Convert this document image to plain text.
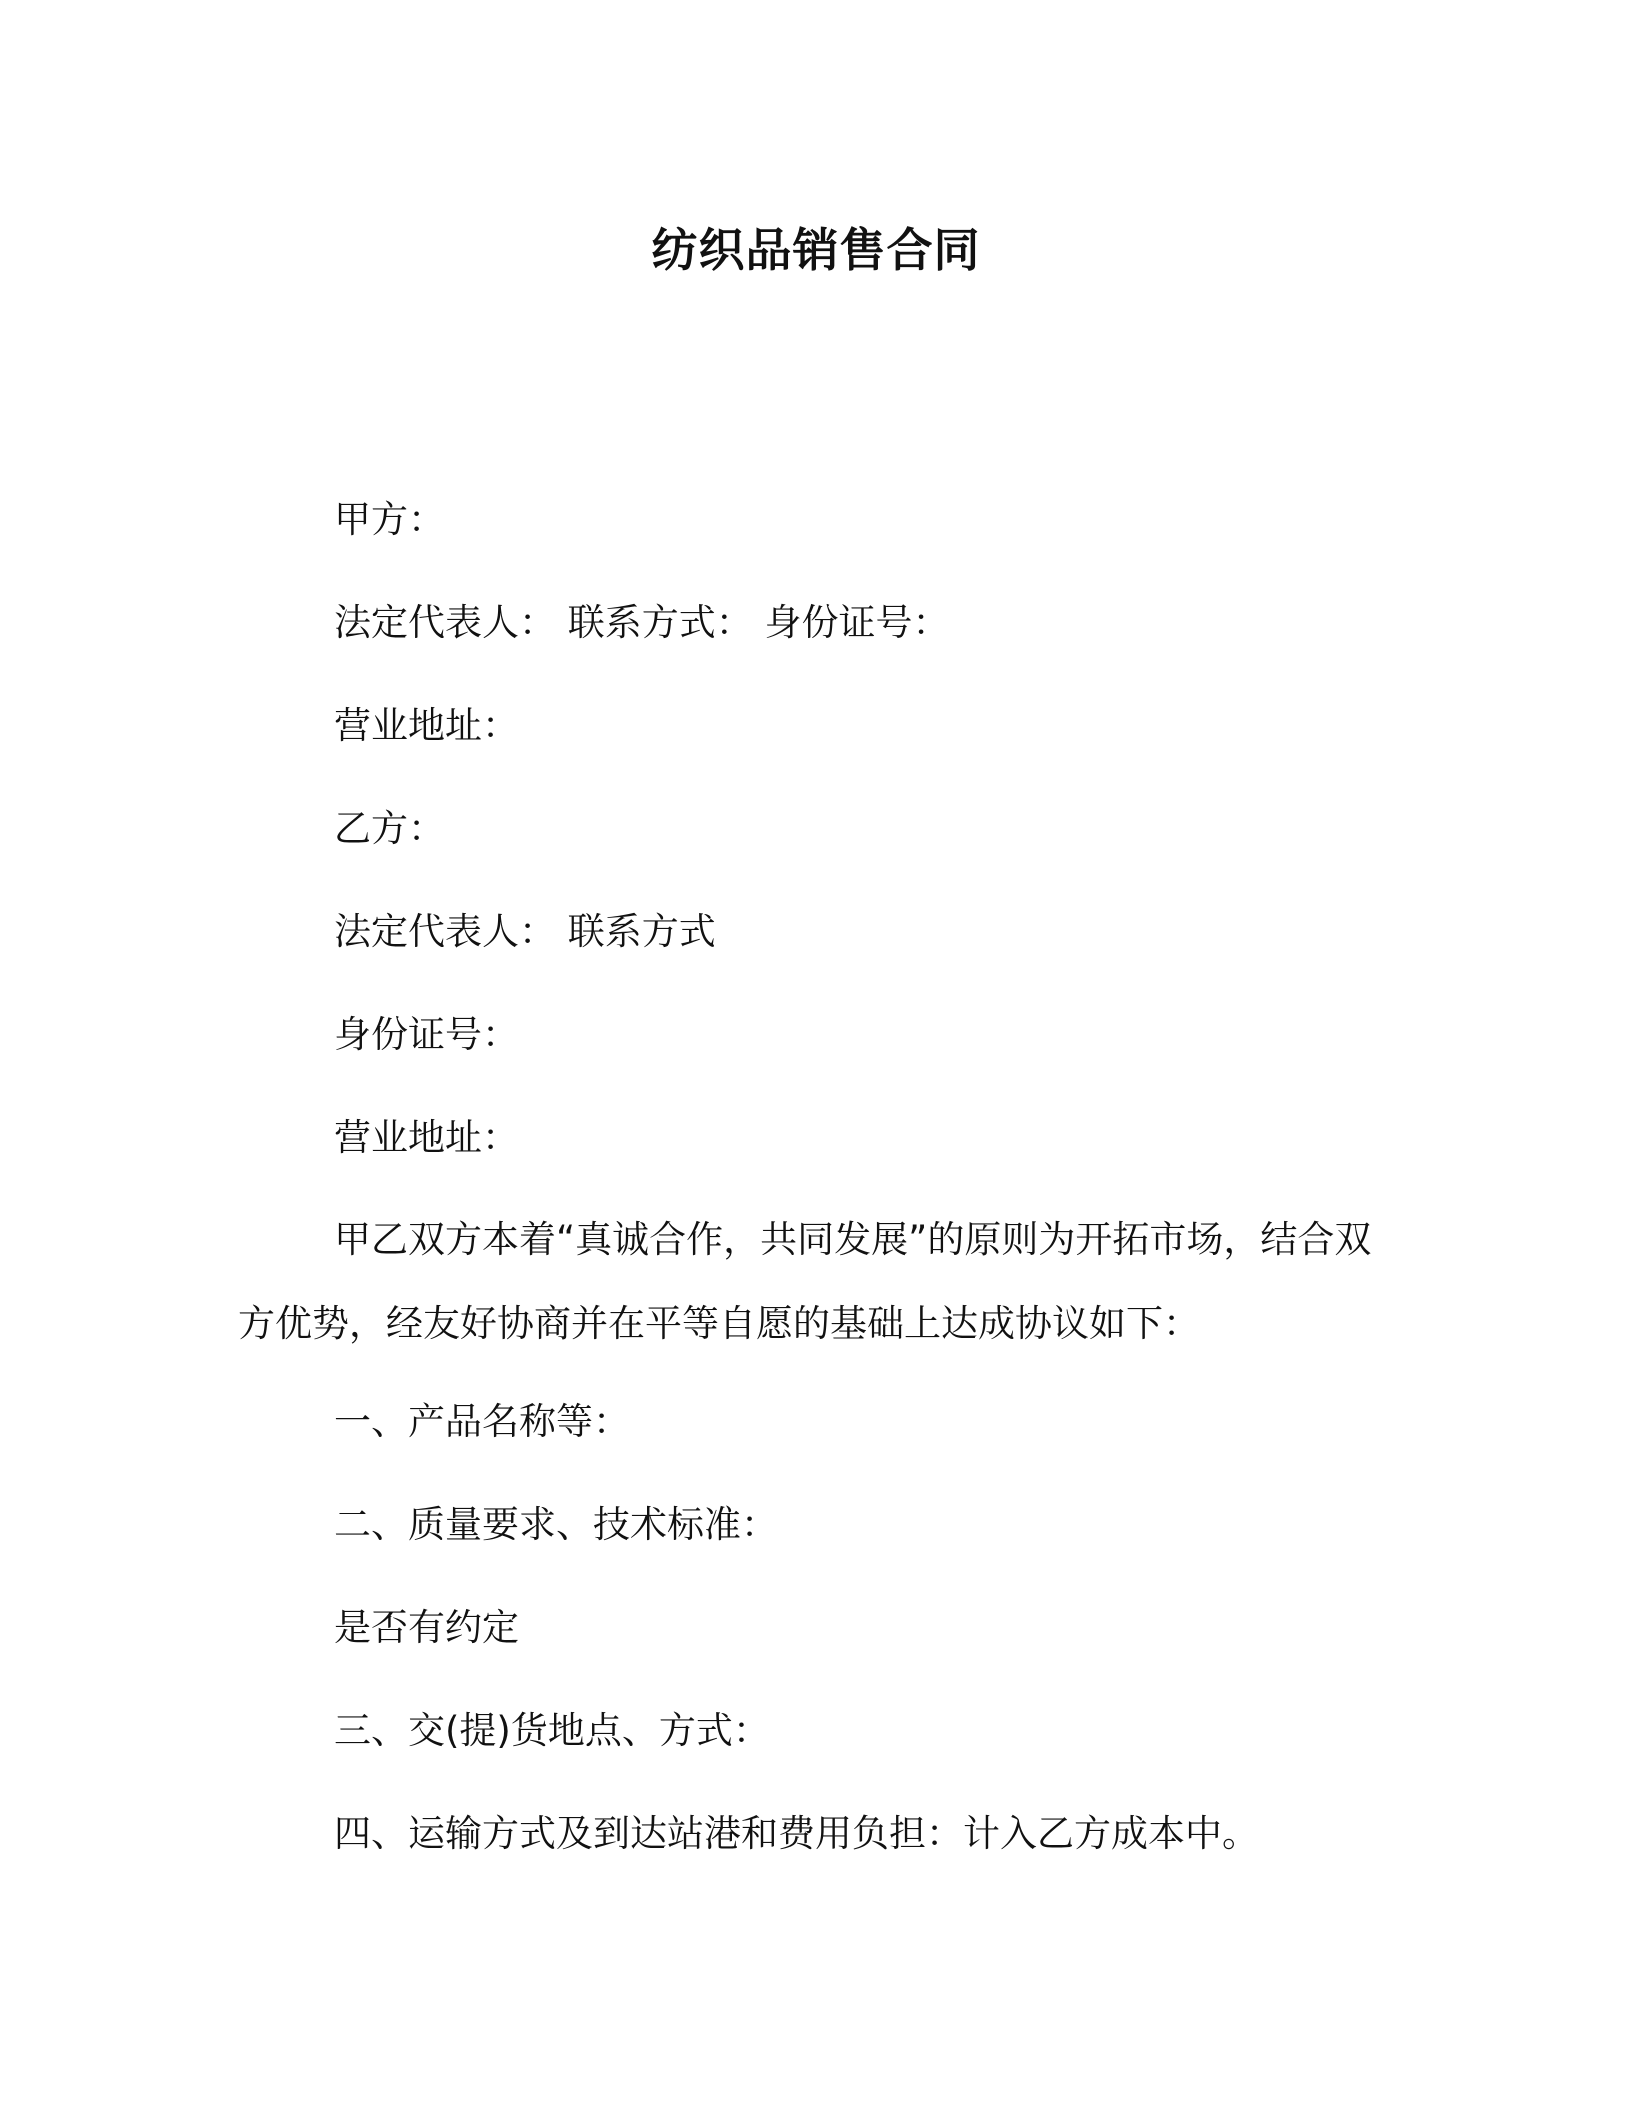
纺织品销售合同
甲方：
法定代表人： 联系方式： 身份证号：
营业地址：
乙方：
法定代表人： 联系方式
身份证号：
营业地址：
甲乙双方本着“真诚合作，共同发展”的原则为开拓市场，结合双方优势，经友好协商并在平等自愿的基础上达成协议如下：
一、产品名称等：
二、质量要求、技术标准：
是否有约定
三、交(提)货地点、方式：
四、运输方式及到达站港和费用负担：计入乙方成本中。
